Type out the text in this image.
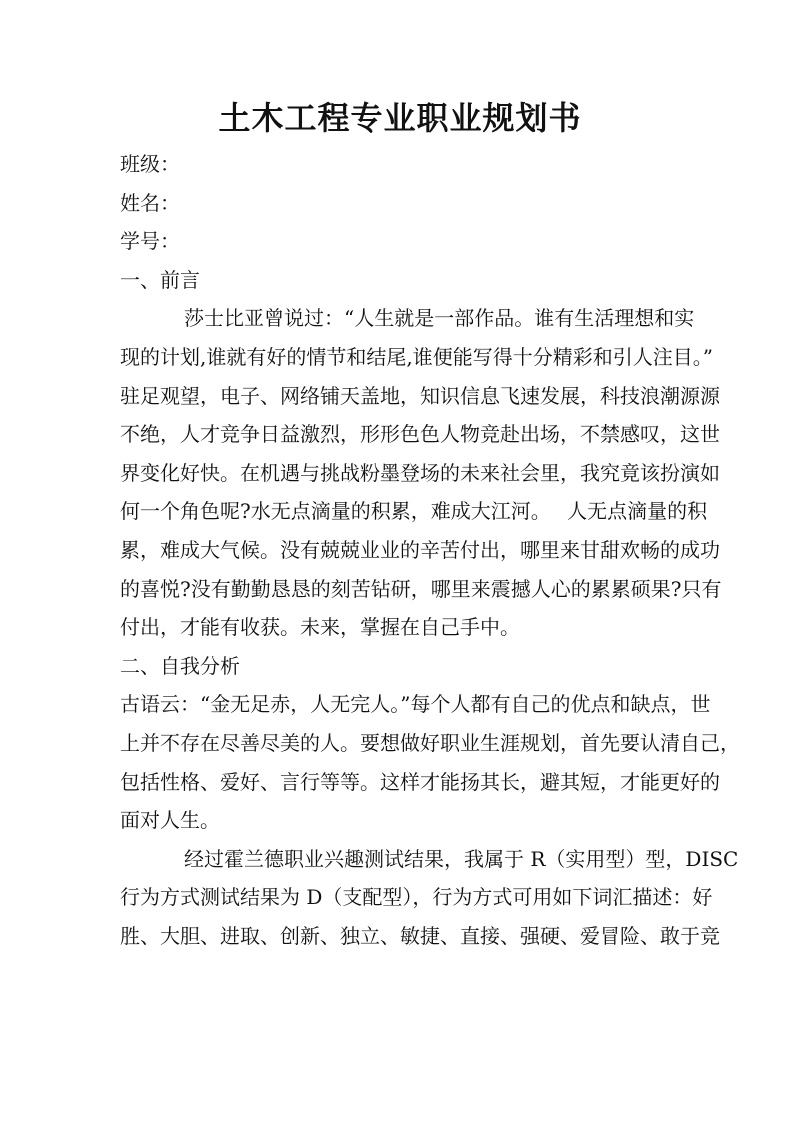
土木工程专业职业规划书
班级：
姓名：
学号：
一、前言
莎士比亚曾说过：“人生就是一部作品。谁有生活理想和实
现的计划,谁就有好的情节和结尾,谁便能写得十分精彩和引人注目。”
驻足观望，电子、网络铺天盖地，知识信息飞速发展，科技浪潮源源
不绝，人才竞争日益激烈，形形色色人物竞赴出场，不禁感叹，这世
界变化好快。在机遇与挑战粉墨登场的未来社会里，我究竟该扮演如
何一个角色呢?水无点滴量的积累，难成大江河。　 人无点滴量的积
累，难成大气候。没有兢兢业业的辛苦付出，哪里来甘甜欢畅的成功
的喜悦?没有勤勤恳恳的刻苦钻研，哪里来震撼人心的累累硕果?只有
付出，才能有收获。未来，掌握在自己手中。
二、自我分析
古语云：“金无足赤，人无完人。”每个人都有自己的优点和缺点，世
上并不存在尽善尽美的人。要想做好职业生涯规划，首先要认清自己，
包括性格、爱好、言行等等。这样才能扬其长，避其短，才能更好的
面对人生。
经过霍兰德职业兴趣测试结果，我属于 R（实用型）型，DISC
行为方式测试结果为 D（支配型），行为方式可用如下词汇描述：好
胜、大胆、进取、创新、独立、敏捷、直接、强硬、爱冒险、敢于竞
